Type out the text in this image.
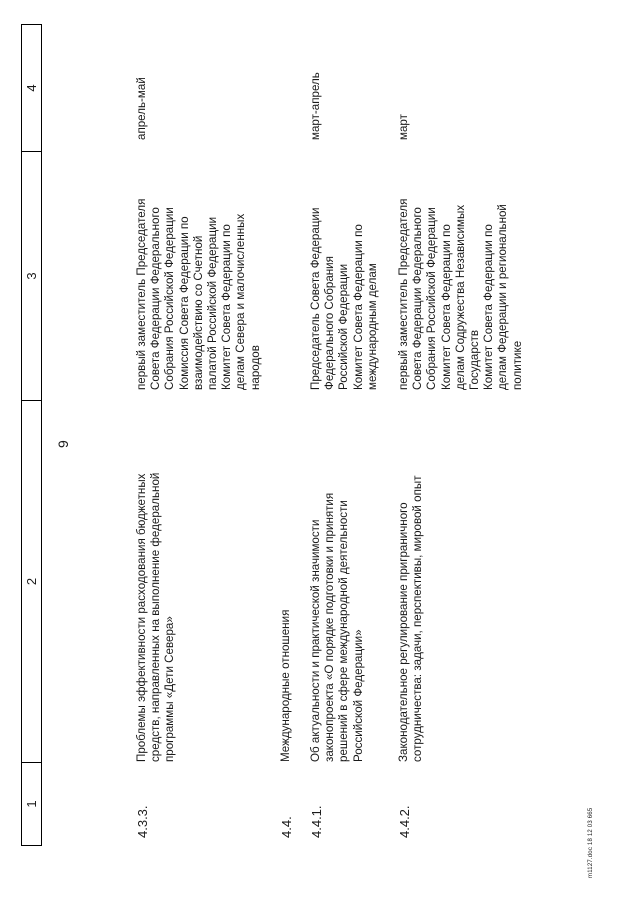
9
1
2
3
4
4.3.3.
Проблемы эффективности расходования бюджетных средств, направленных на выполнение федеральной программы «Дети Севера»
первый заместитель Председателя Совета Федерации Федерального Собрания Российской Федерации Комиссия Совета Федерации по взаимодействию со Счетной палатой Российской Федерации Комитет Совета Федерации по делам Севера и малочисленных народов
апрель-май
4.4.
Международные отношения
4.4.1.
Об актуальности и практической значимости законопроекта «О порядке подготовки и принятия решений в сфере международной деятельности Российской Федерации»
Председатель Совета Федерации Федерального Собрания Российской Федерации Комитет Совета Федерации по международным делам
март-апрель
4.4.2.
Законодательное регулирование приграничного сотрудничества: задачи, перспективы, мировой опыт
первый заместитель Председателя Совета Федерации Федерального Собрания Российской Федерации Комитет Совета Федерации по делам Содружества Независимых Государств Комитет Совета Федерации по делам Федерации и региональной политике
март
m1127.doc 18 12 03 665
